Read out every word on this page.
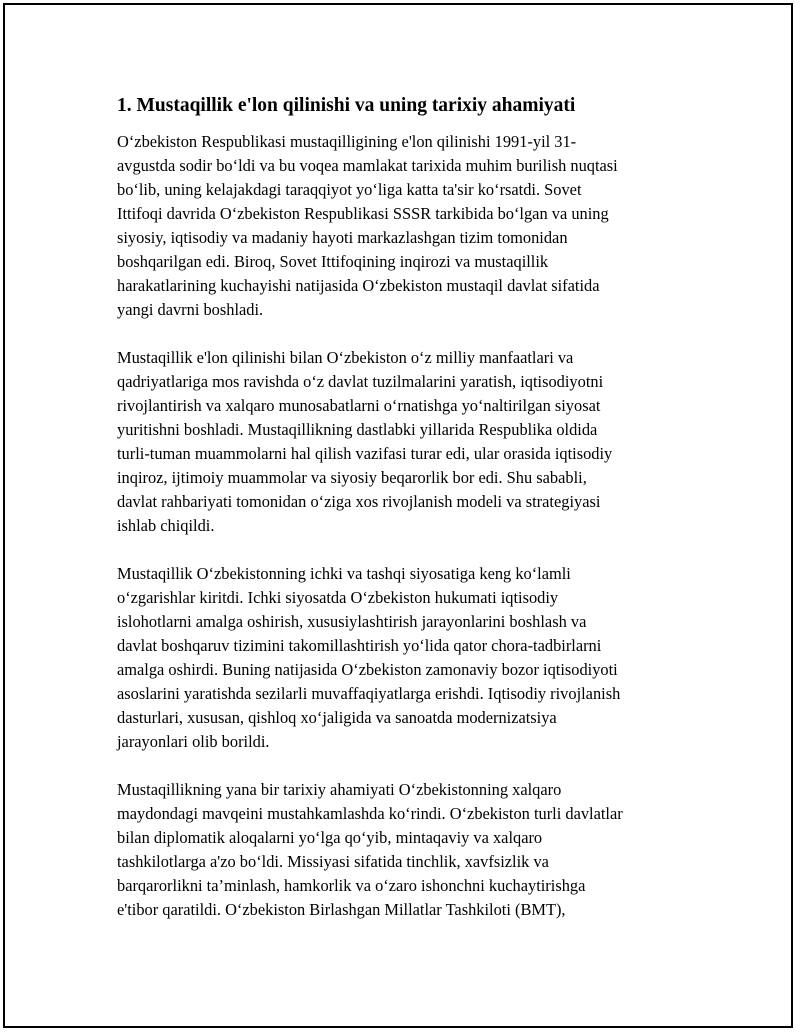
1. Mustaqillik e'lon qilinishi va uning tarixiy ahamiyati

O‘zbekiston Respublikasi mustaqilligining e'lon qilinishi 1991-yil 31-
avgustda sodir bo‘ldi va bu voqea mamlakat tarixida muhim burilish nuqtasi
bo‘lib, uning kelajakdagi taraqqiyot yo‘liga katta ta'sir ko‘rsatdi. Sovet
Ittifoqi davrida O‘zbekiston Respublikasi SSSR tarkibida bo‘lgan va uning
siyosiy, iqtisodiy va madaniy hayoti markazlashgan tizim tomonidan
boshqarilgan edi. Biroq, Sovet Ittifoqining inqirozi va mustaqillik
harakatlarining kuchayishi natijasida O‘zbekiston mustaqil davlat sifatida
yangi davrni boshladi.

Mustaqillik e'lon qilinishi bilan O‘zbekiston o‘z milliy manfaatlari va
qadriyatlariga mos ravishda o‘z davlat tuzilmalarini yaratish, iqtisodiyotni
rivojlantirish va xalqaro munosabatlarni o‘rnatishga yo‘naltirilgan siyosat
yuritishni boshladi. Mustaqillikning dastlabki yillarida Respublika oldida
turli-tuman muammolarni hal qilish vazifasi turar edi, ular orasida iqtisodiy
inqiroz, ijtimoiy muammolar va siyosiy beqarorlik bor edi. Shu sababli,
davlat rahbariyati tomonidan o‘ziga xos rivojlanish modeli va strategiyasi
ishlab chiqildi.

Mustaqillik O‘zbekistonning ichki va tashqi siyosatiga keng ko‘lamli
o‘zgarishlar kiritdi. Ichki siyosatda O‘zbekiston hukumati iqtisodiy
islohotlarni amalga oshirish, xususiylashtirish jarayonlarini boshlash va
davlat boshqaruv tizimini takomillashtirish yo‘lida qator chora-tadbirlarni
amalga oshirdi. Buning natijasida O‘zbekiston zamonaviy bozor iqtisodiyoti
asoslarini yaratishda sezilarli muvaffaqiyatlarga erishdi. Iqtisodiy rivojlanish
dasturlari, xususan, qishloq xo‘jaligida va sanoatda modernizatsiya
jarayonlari olib borildi.

Mustaqillikning yana bir tarixiy ahamiyati O‘zbekistonning xalqaro
maydondagi mavqeini mustahkamlashda ko‘rindi. O‘zbekiston turli davlatlar
bilan diplomatik aloqalarni yo‘lga qo‘yib, mintaqaviy va xalqaro
tashkilotlarga a'zo bo‘ldi. Missiyasi sifatida tinchlik, xavfsizlik va
barqarorlikni ta’minlash, hamkorlik va o‘zaro ishonchni kuchaytirishga
e'tibor qaratildi. O‘zbekiston Birlashgan Millatlar Tashkiloti (BMT),
